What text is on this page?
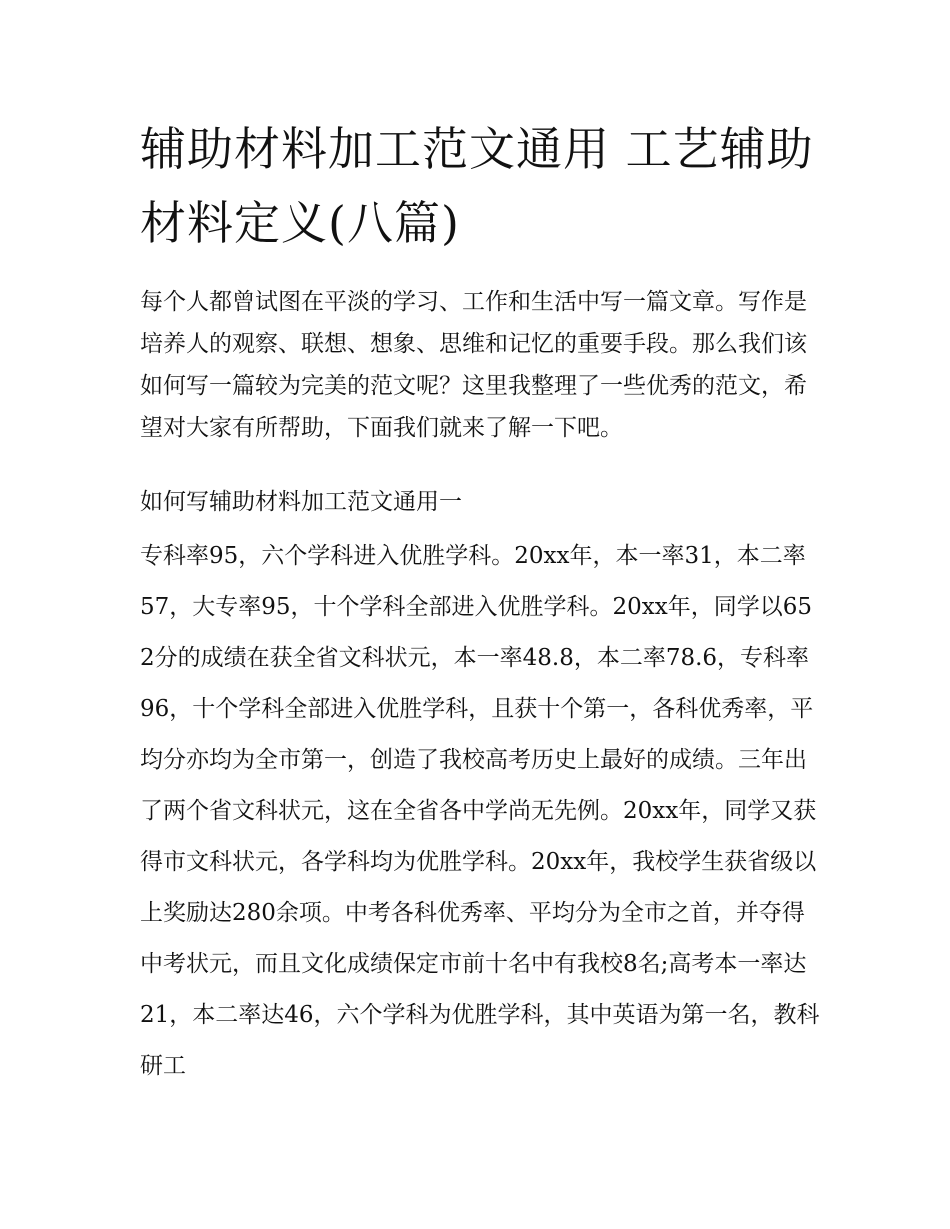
辅助材料加工范文通用 工艺辅助材料定义(八篇)

每个人都曾试图在平淡的学习、工作和生活中写一篇文章。写作是培养人的观察、联想、想象、思维和记忆的重要手段。那么我们该如何写一篇较为完美的范文呢？这里我整理了一些优秀的范文，希望对大家有所帮助，下面我们就来了解一下吧。

如何写辅助材料加工范文通用一

专科率95，六个学科进入优胜学科。20xx年，本一率31，本二率57，大专率95，十个学科全部进入优胜学科。20xx年，同学以652分的成绩在获全省文科状元，本一率48.8，本二率78.6，专科率96，十个学科全部进入优胜学科，且获十个第一，各科优秀率，平均分亦均为全市第一，创造了我校高考历史上最好的成绩。三年出了两个省文科状元，这在全省各中学尚无先例。20xx年，同学又获得市文科状元，各学科均为优胜学科。20xx年，我校学生获省级以上奖励达280余项。中考各科优秀率、平均分为全市之首，并夺得中考状元，而且文化成绩保定市前十名中有我校8名;高考本一率达21，本二率达46，六个学科为优胜学科，其中英语为第一名，教科研工
